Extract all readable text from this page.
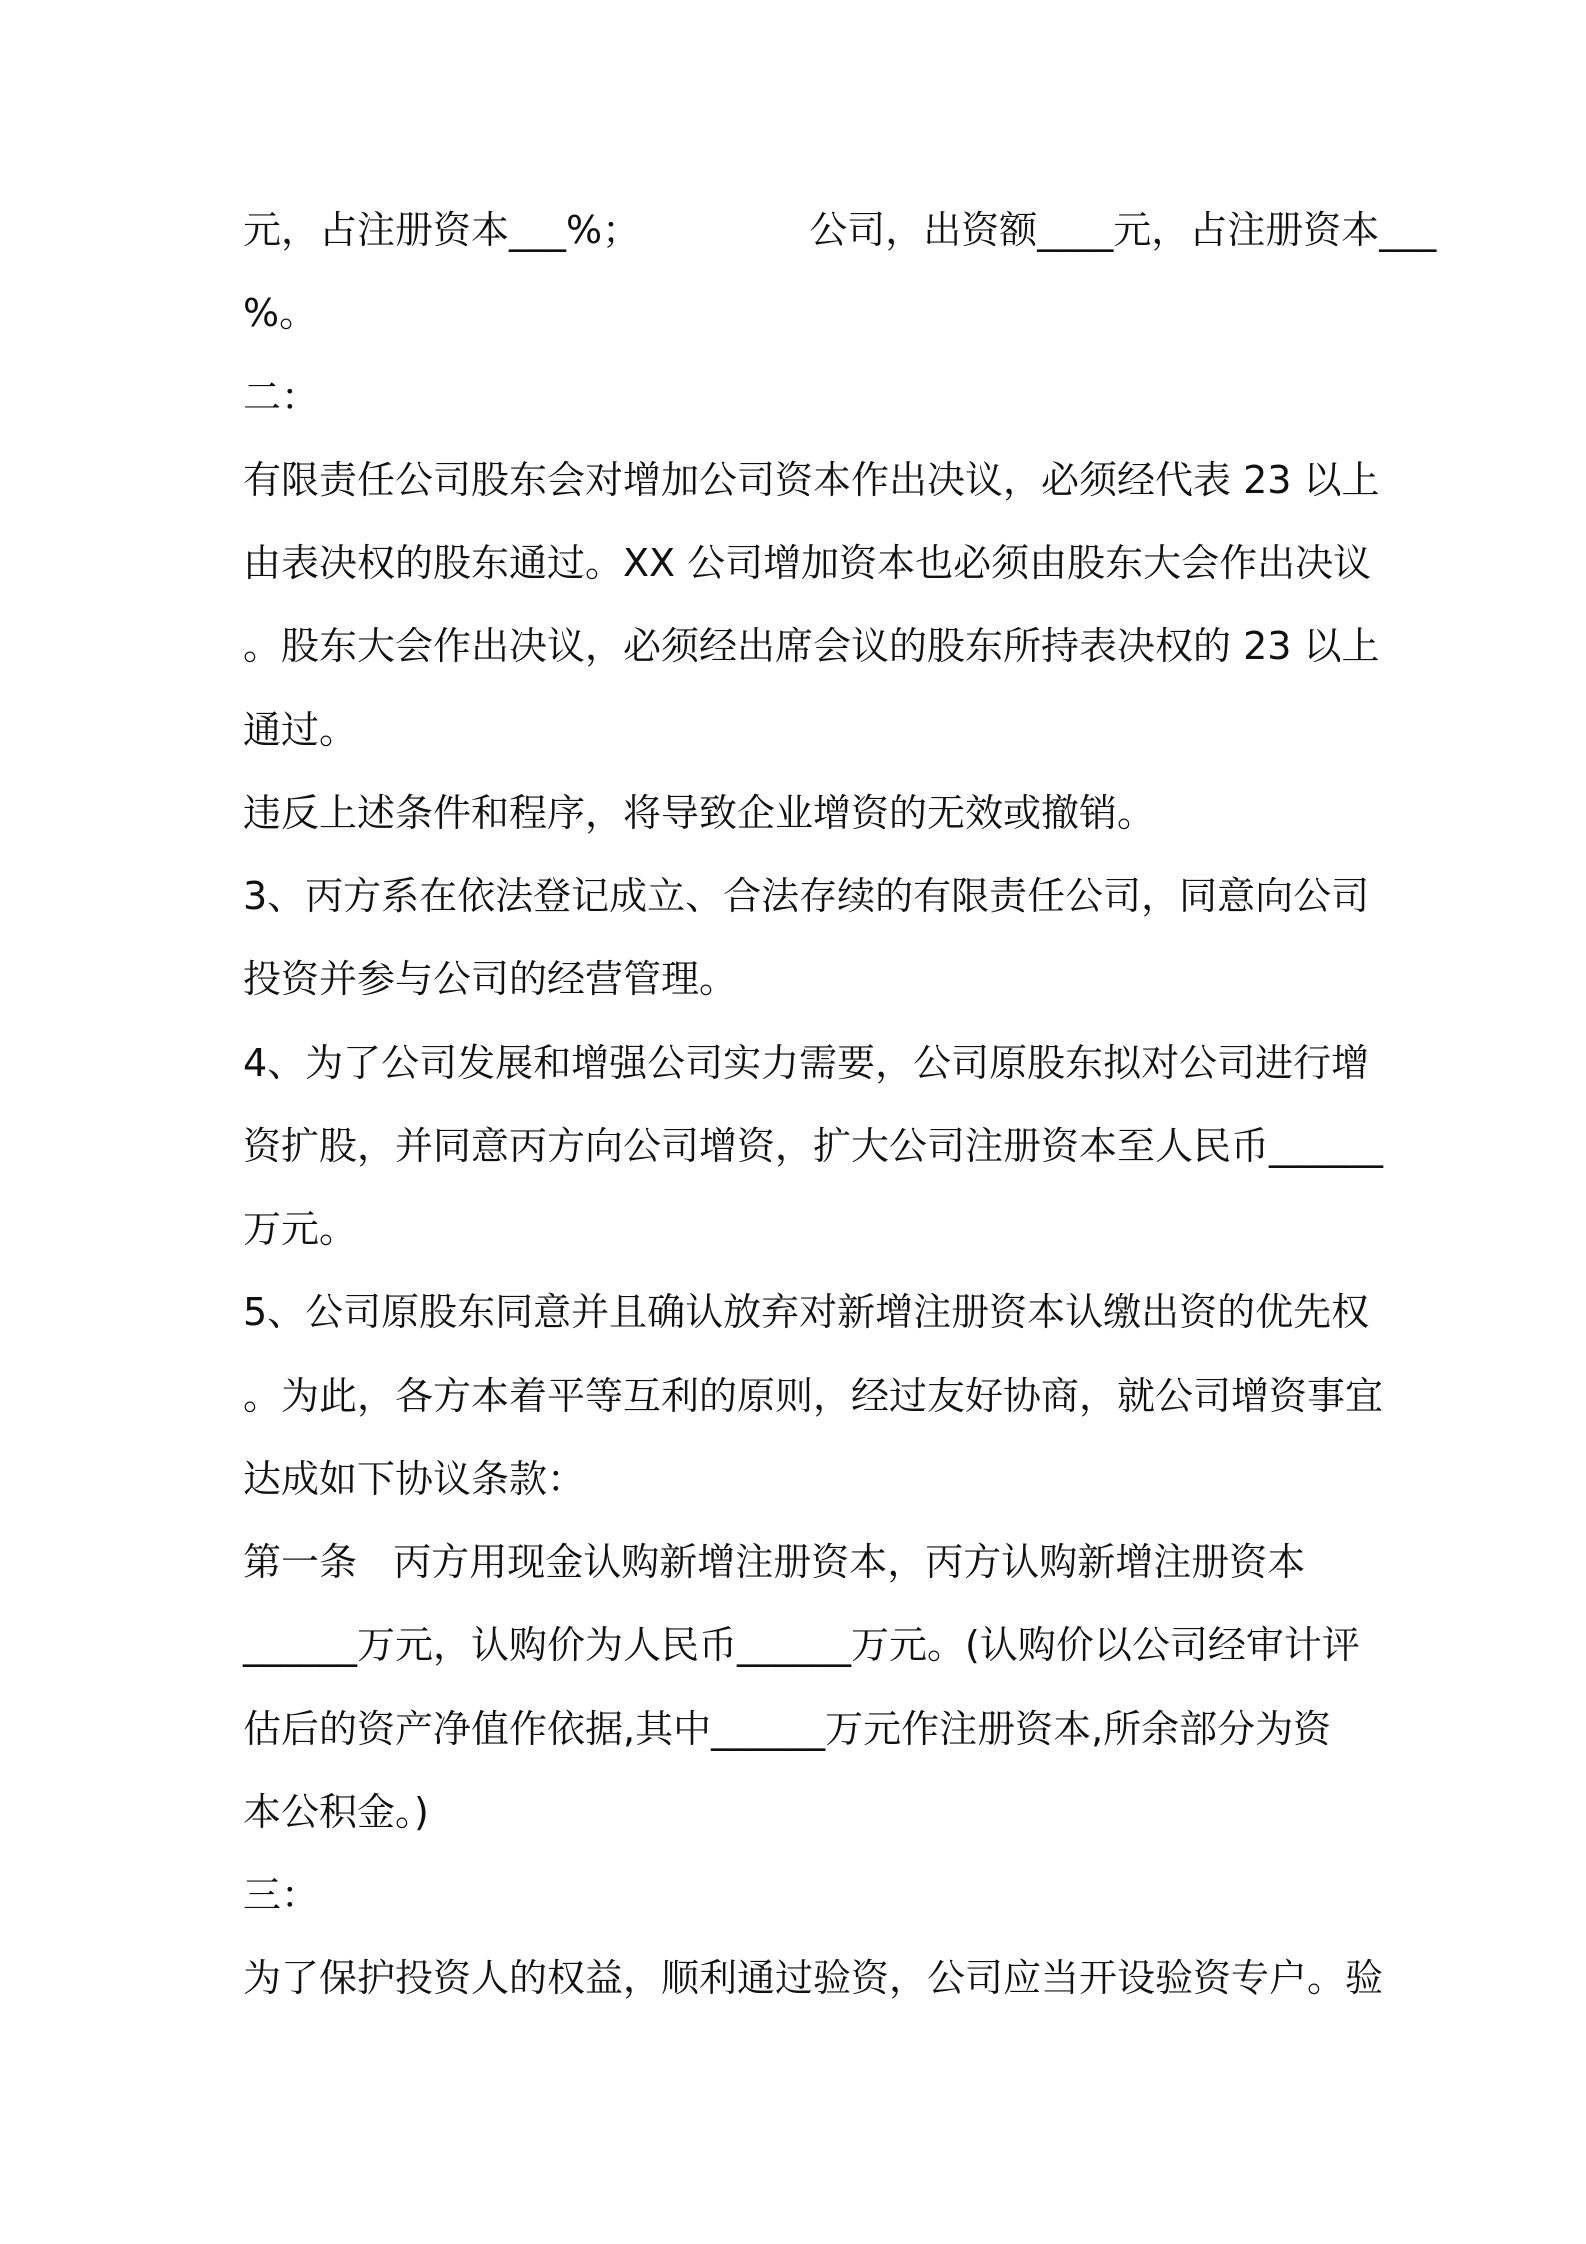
元，占注册资本___%；              公司，出资额____元，占注册资本___
%。
二：
有限责任公司股东会对增加公司资本作出决议，必须经代表 23 以上
由表决权的股东通过。XX 公司增加资本也必须由股东大会作出决议
。股东大会作出决议，必须经出席会议的股东所持表决权的 23 以上
通过。
违反上述条件和程序，将导致企业增资的无效或撤销。
3、丙方系在依法登记成立、合法存续的有限责任公司，同意向公司
投资并参与公司的经营管理。
4、为了公司发展和增强公司实力需要，公司原股东拟对公司进行增
资扩股，并同意丙方向公司增资，扩大公司注册资本至人民币______
万元。
5、公司原股东同意并且确认放弃对新增注册资本认缴出资的优先权
。为此，各方本着平等互利的原则，经过友好协商，就公司增资事宜
达成如下协议条款：
第一条   丙方用现金认购新增注册资本，丙方认购新增注册资本
______万元，认购价为人民币______万元。(认购价以公司经审计评
估后的资产净值作依据,其中______万元作注册资本,所余部分为资
本公积金。)
三：
为了保护投资人的权益，顺利通过验资，公司应当开设验资专户。验
